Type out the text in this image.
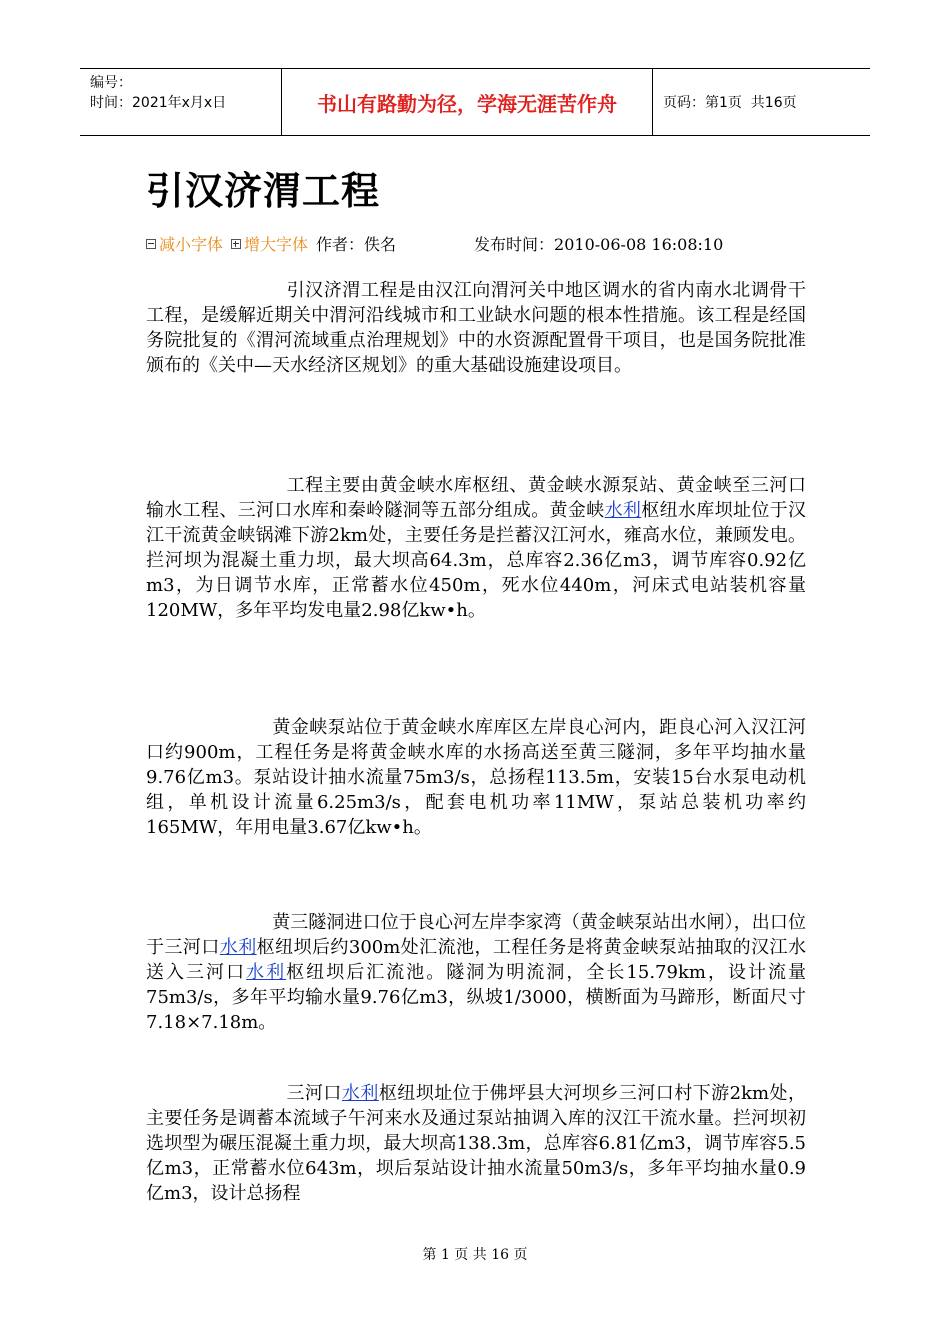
编号：
时间：2021年x月x日	书山有路勤为径，学海无涯苦作舟	页码：第1页  共16页
引汉济渭工程
减小字体 增大字体 作者：佚名	发布时间：2010-06-08 16:08:10

引汉济渭工程是由汉江向渭河关中地区调水的省内南水北调骨干工程，是缓解近期关中渭河沿线城市和工业缺水问题的根本性措施。该工程是经国务院批复的《渭河流域重点治理规划》中的水资源配置骨干项目，也是国务院批准颁布的《关中—天水经济区规划》的重大基础设施建设项目。

工程主要由黄金峡水库枢纽、黄金峡水源泵站、黄金峡至三河口输水工程、三河口水库和秦岭隧洞等五部分组成。黄金峡水利枢纽水库坝址位于汉江干流黄金峡锅滩下游2km处，主要任务是拦蓄汉江河水，雍高水位，兼顾发电。拦河坝为混凝土重力坝，最大坝高64.3m，总库容2.36亿m3，调节库容0.92亿m3，为日调节水库，正常蓄水位450m，死水位440m，河床式电站装机容量120MW，多年平均发电量2.98亿kw•h。

黄金峡泵站位于黄金峡水库库区左岸良心河内，距良心河入汉江河口约900m，工程任务是将黄金峡水库的水扬高送至黄三隧洞，多年平均抽水量9.76亿m3。泵站设计抽水流量75m3/s，总扬程113.5m，安装15台水泵电动机组，单机设计流量6.25m3/s，配套电机功率11MW，泵站总装机功率约165MW，年用电量3.67亿kw•h。

黄三隧洞进口位于良心河左岸李家湾（黄金峡泵站出水闸），出口位于三河口水利枢纽坝后约300m处汇流池，工程任务是将黄金峡泵站抽取的汉江水送入三河口水利枢纽坝后汇流池。隧洞为明流洞，全长15.79km，设计流量75m3/s，多年平均输水量9.76亿m3，纵坡1/3000，横断面为马蹄形，断面尺寸7.18×7.18m。

三河口水利枢纽坝址位于佛坪县大河坝乡三河口村下游2km处，主要任务是调蓄本流域子午河来水及通过泵站抽调入库的汉江干流水量。拦河坝初选坝型为碾压混凝土重力坝，最大坝高138.3m，总库容6.81亿m3，调节库容5.5亿m3，正常蓄水位643m，坝后泵站设计抽水流量50m3/s，多年平均抽水量0.9亿m3，设计总扬程

第 1 页 共 16 页
